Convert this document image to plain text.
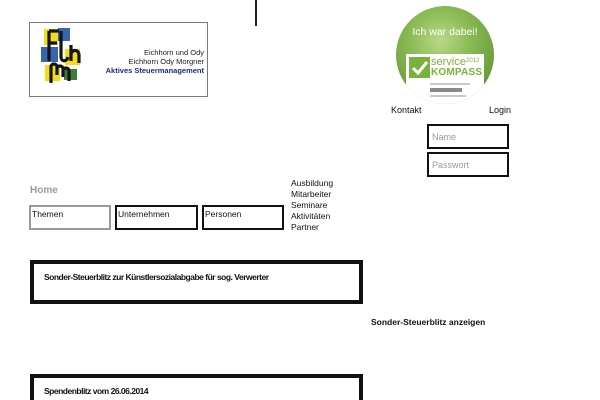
Eichhorn und Ody
Eichhorn Ody Morgner
Aktives Steuermanagement
Ich war dabei!
service 2012
KOMPASS
Kontakt	Login
Name
Home
Themen	Unternehmen	Personen
Ausbildung
Mitarbeiter
Seminare
Aktivitäten
Partner
Sonder-Steuerblitz zur Künstlersozialabgabe für sog. Verwerter
Sonder-Steuerblitz anzeigen
Spendenblitz vom 26.06.2014
